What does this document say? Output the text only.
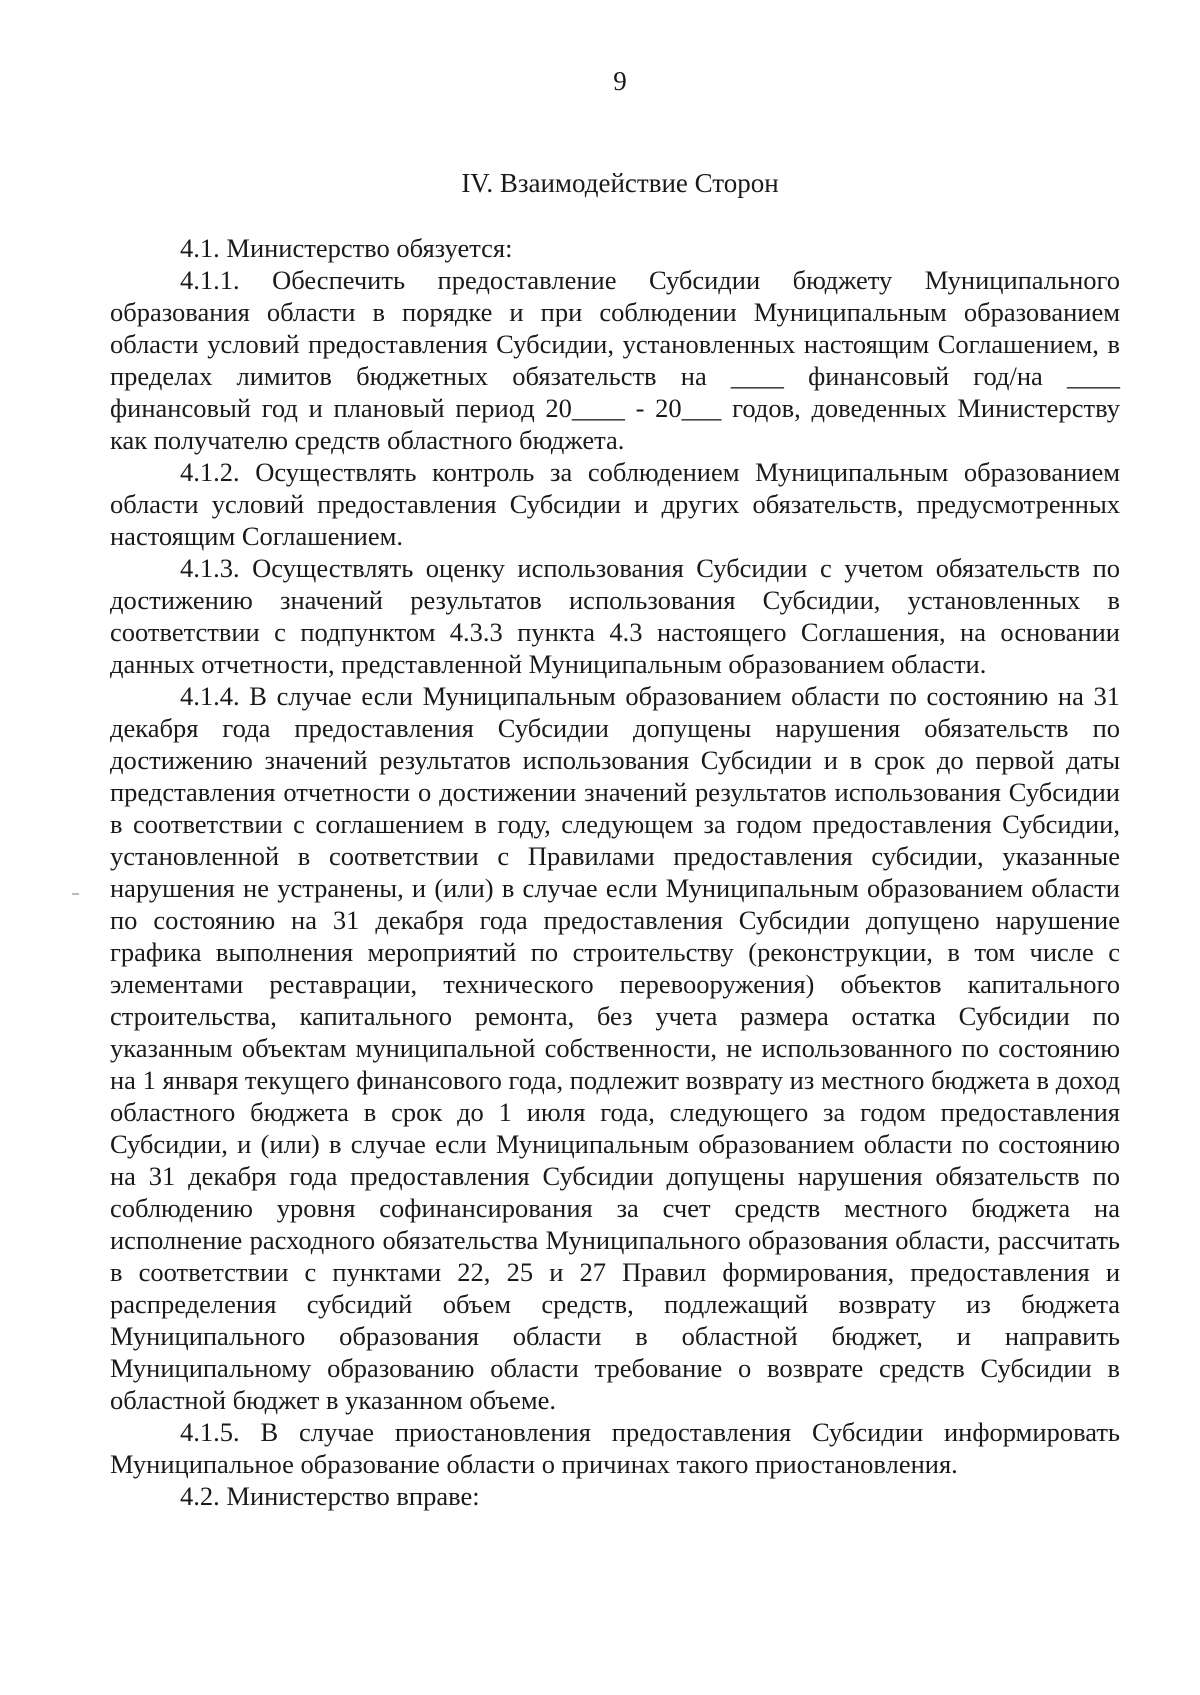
9
IV. Взаимодействие Сторон

4.1. Министерство обязуется:

4.1.1. Обеспечить предоставление Субсидии бюджету Муниципального образования области в порядке и при соблюдении Муниципальным образованием области условий предоставления Субсидии, установленных настоящим Соглашением, в пределах лимитов бюджетных обязательств на ____ финансовый год/на ____ финансовый год и плановый период 20____ - 20___ годов, доведенных Министерству как получателю средств областного бюджета.

4.1.2. Осуществлять контроль за соблюдением Муниципальным образованием области условий предоставления Субсидии и других обязательств, предусмотренных настоящим Соглашением.

4.1.3. Осуществлять оценку использования Субсидии с учетом обязательств по достижению значений результатов использования Субсидии, установленных в соответствии с подпунктом 4.3.3 пункта 4.3 настоящего Соглашения, на основании данных отчетности, представленной Муниципальным образованием области.

4.1.4. В случае если Муниципальным образованием области по состоянию на 31 декабря года предоставления Субсидии допущены нарушения обязательств по достижению значений результатов использования Субсидии и в срок до первой даты представления отчетности о достижении значений результатов использования Субсидии в соответствии с соглашением в году, следующем за годом предоставления Субсидии, установленной в соответствии с Правилами предоставления субсидии, указанные нарушения не устранены, и (или) в случае если Муниципальным образованием области по состоянию на 31 декабря года предоставления Субсидии допущено нарушение графика выполнения мероприятий по строительству (реконструкции, в том числе с элементами реставрации, технического перевооружения) объектов капитального строительства, капитального ремонта, без учета размера остатка Субсидии по указанным объектам муниципальной собственности, не использованного по состоянию на 1 января текущего финансового года, подлежит возврату из местного бюджета в доход областного бюджета в срок до 1 июля года, следующего за годом предоставления Субсидии, и (или) в случае если Муниципальным образованием области по состоянию на 31 декабря года предоставления Субсидии допущены нарушения обязательств по соблюдению уровня софинансирования за счет средств местного бюджета на исполнение расходного обязательства Муниципального образования области, рассчитать в соответствии с пунктами 22, 25 и 27 Правил формирования, предоставления и распределения субсидий объем средств, подлежащий возврату из бюджета Муниципального образования области в областной бюджет, и направить Муниципальному образованию области требование о возврате средств Субсидии в областной бюджет в указанном объеме.

4.1.5. В случае приостановления предоставления Субсидии информировать Муниципальное образование области о причинах такого приостановления.

4.2. Министерство вправе:
